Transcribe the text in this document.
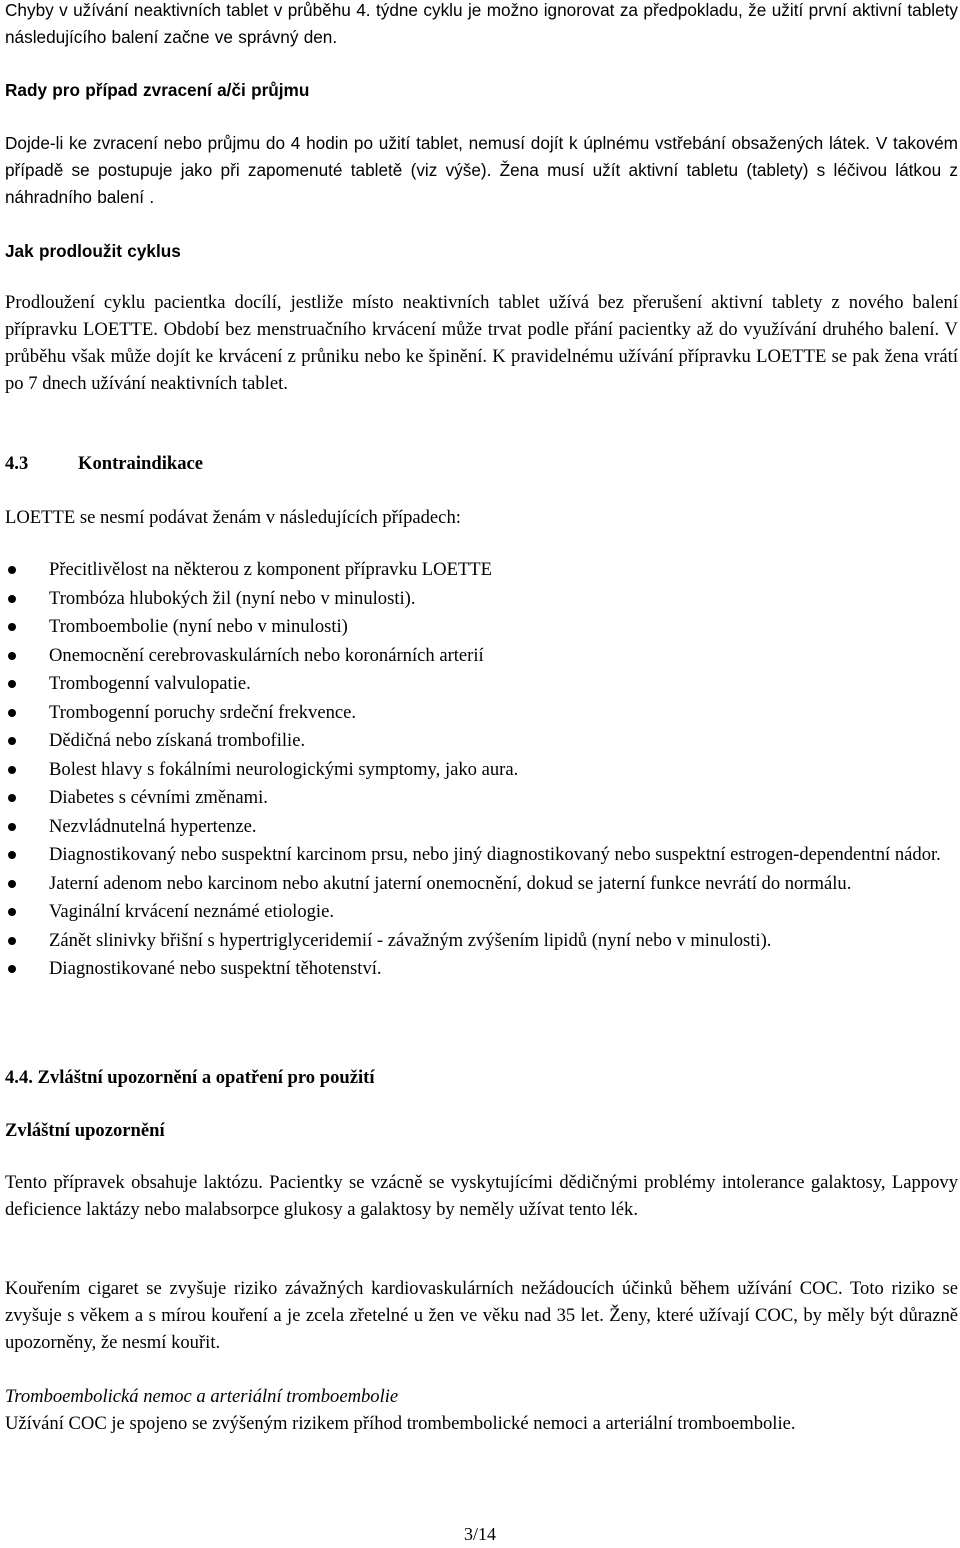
Chyby v užívání neaktivních tablet v průběhu 4. týdne cyklu je možno ignorovat za předpokladu, že užití první aktivní tablety následujícího balení začne ve správný den.

Rady pro případ zvracení a/či průjmu

Dojde-li ke zvracení nebo průjmu do 4 hodin po užití tablet, nemusí dojít k úplnému vstřebání obsažených látek. V takovém případě se postupuje jako při zapomenuté tabletě (viz výše). Žena musí užít aktivní tabletu (tablety) s léčivou látkou z náhradního balení .

Jak prodloužit cyklus

Prodloužení cyklu pacientka docílí, jestliže místo neaktivních tablet užívá bez přerušení aktivní tablety z nového balení přípravku LOETTE. Období bez menstruačního krvácení může trvat podle přání pacientky až do využívání druhého balení. V průběhu však může dojít ke krvácení z průniku nebo ke špinění. K pravidelnému užívání přípravku LOETTE se pak žena vrátí po 7 dnech užívání neaktivních tablet.

4.3	Kontraindikace

LOETTE se nesmí podávat ženám v následujících případech:

Přecitlivělost na některou z komponent přípravku LOETTE
Trombóza hlubokých žil (nyní nebo v minulosti).
Tromboembolie (nyní nebo v minulosti)
Onemocnění cerebrovaskulárních nebo koronárních arterií
Trombogenní valvulopatie.
Trombogenní poruchy srdeční frekvence.
Dědičná nebo získaná trombofilie.
Bolest hlavy s fokálními neurologickými symptomy, jako aura.
Diabetes s cévními změnami.
Nezvládnutelná hypertenze.
Diagnostikovaný nebo suspektní karcinom prsu, nebo jiný diagnostikovaný nebo suspektní estrogen-dependentní nádor.
Jaterní adenom nebo karcinom nebo akutní jaterní onemocnění, dokud se jaterní funkce nevrátí do normálu.
Vaginální krvácení neznámé etiologie.
Zánět slinivky břišní s hypertriglyceridemií - závažným zvýšením lipidů (nyní nebo v minulosti).
Diagnostikované nebo suspektní těhotenství.

4.4. Zvláštní upozornění a opatření pro použití

Zvláštní upozornění

Tento přípravek obsahuje laktózu. Pacientky se vzácně se vyskytujícími dědičnými problémy intolerance galaktosy, Lappovy deficience laktázy nebo malabsorpce glukosy a galaktosy by neměly užívat tento lék.

Kouřením cigaret se zvyšuje riziko závažných kardiovaskulárních nežádoucích účinků během užívání COC. Toto riziko se zvyšuje s věkem a s mírou kouření a je zcela zřetelné u žen ve věku nad 35 let. Ženy, které užívají COC, by měly být důrazně upozorněny, že nesmí kouřit.

Tromboembolická nemoc a arteriální tromboembolie

Užívání COC je spojeno se zvýšeným rizikem příhod trombembolické nemoci a arteriální tromboembolie.

3/14
